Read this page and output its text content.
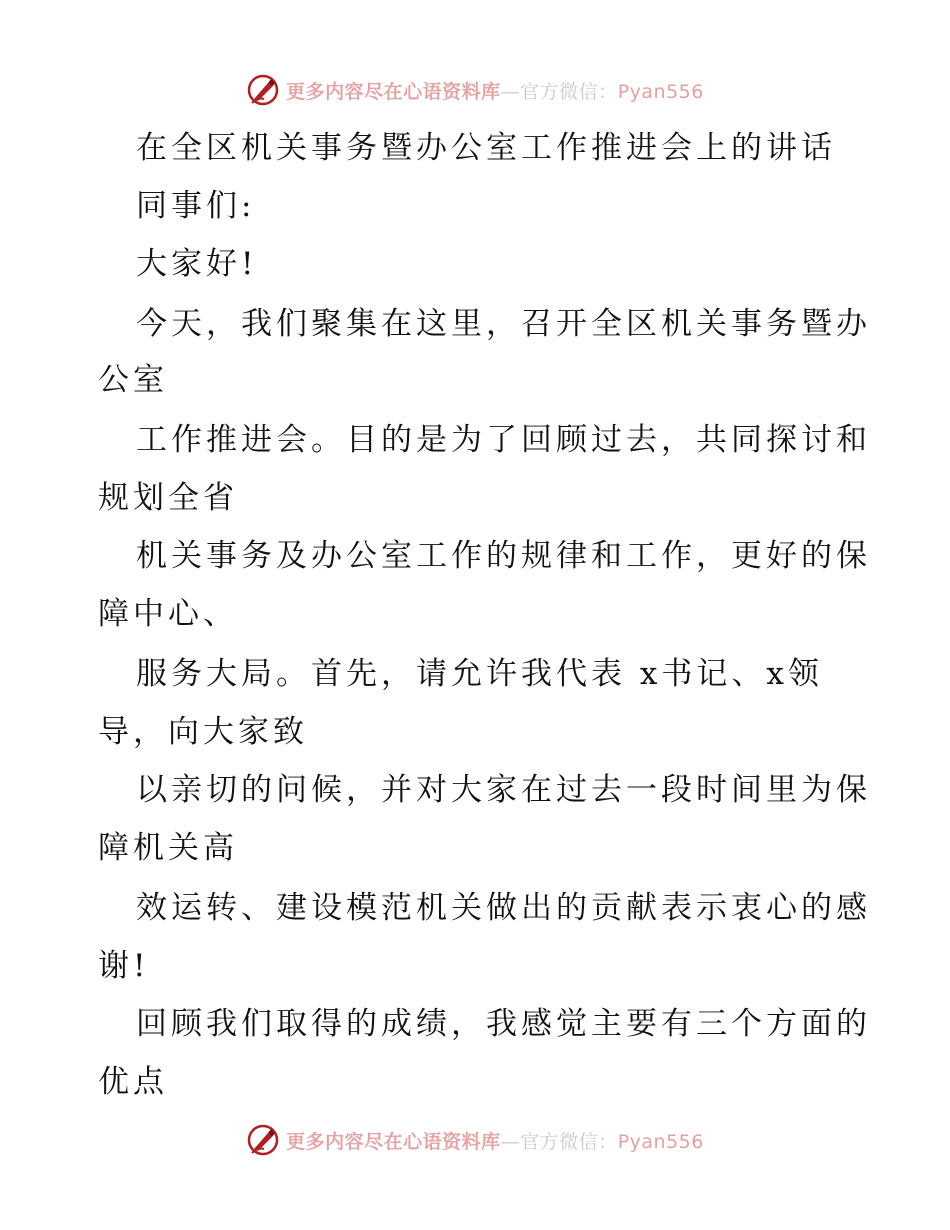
更多内容尽在心语资料库—官方微信：Pyan556
在全区机关事务暨办公室工作推进会上的讲话
同事们:
大家好!
今天，我们聚集在这里，召开全区机关事务暨办
公室
工作推进会。目的是为了回顾过去，共同探讨和
规划全省
机关事务及办公室工作的规律和工作，更好的保
障中心、
服务大局。首先，请允许我代表 x书记、x领
导，向大家致
以亲切的问候，并对大家在过去一段时间里为保
障机关高
效运转、建设模范机关做出的贡献表示衷心的感
谢!
回顾我们取得的成绩，我感觉主要有三个方面的
优点
更多内容尽在心语资料库—官方微信：Pyan556
